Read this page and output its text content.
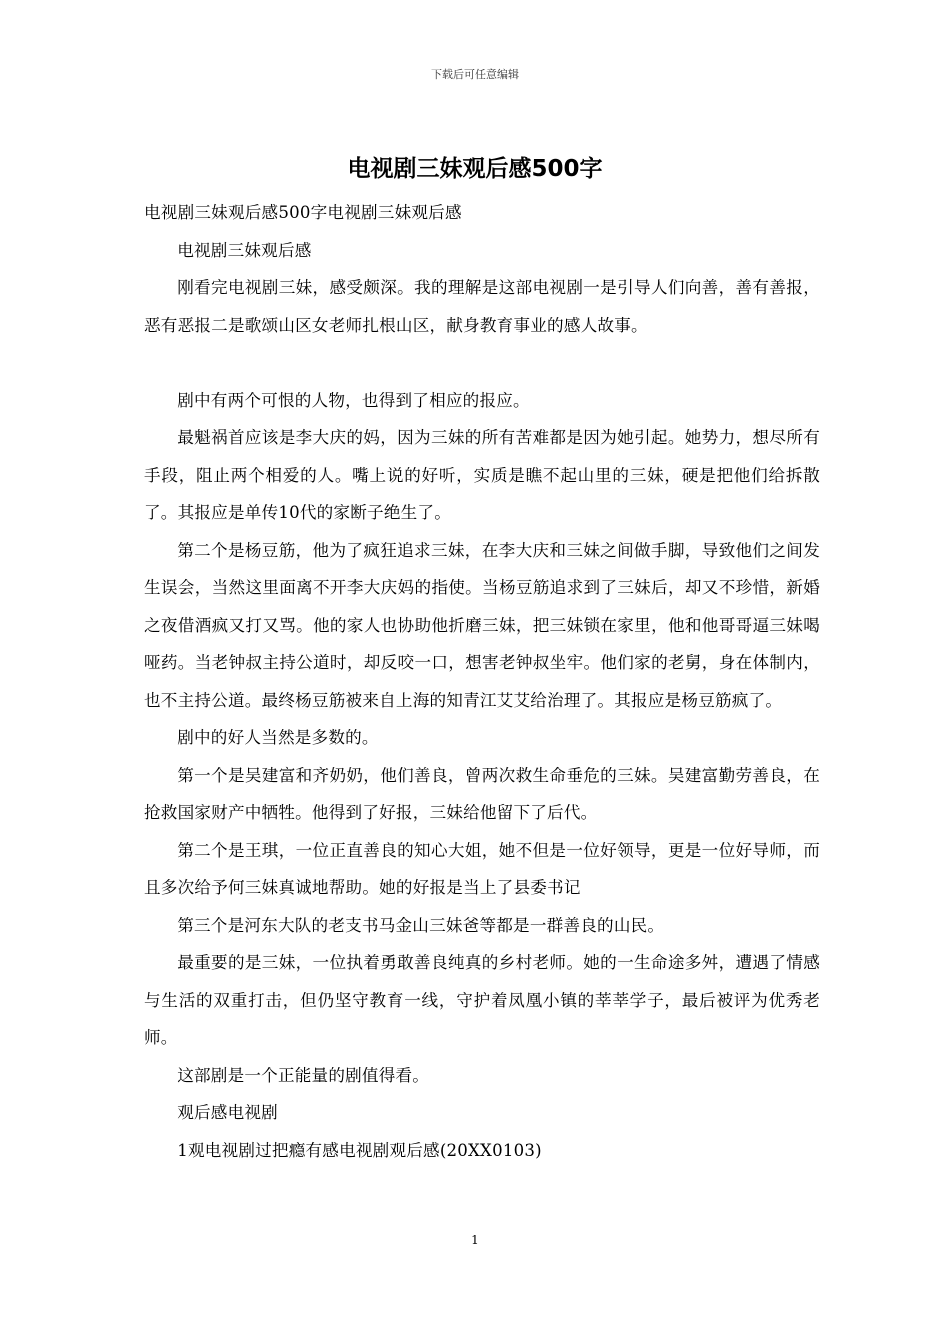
下载后可任意编辑
电视剧三妹观后感500字

电视剧三妹观后感500字电视剧三妹观后感

电视剧三妹观后感

刚看完电视剧三妹，感受颇深。我的理解是这部电视剧一是引导人们向善，善有善报，恶有恶报二是歌颂山区女老师扎根山区，献身教育事业的感人故事。

剧中有两个可恨的人物，也得到了相应的报应。

最魁祸首应该是李大庆的妈，因为三妹的所有苦难都是因为她引起。她势力，想尽所有手段，阻止两个相爱的人。嘴上说的好听，实质是瞧不起山里的三妹，硬是把他们给拆散了。其报应是单传10代的家断子绝生了。

第二个是杨豆筋，他为了疯狂追求三妹，在李大庆和三妹之间做手脚，导致他们之间发生误会，当然这里面离不开李大庆妈的指使。当杨豆筋追求到了三妹后，却又不珍惜，新婚之夜借酒疯又打又骂。他的家人也协助他折磨三妹，把三妹锁在家里，他和他哥哥逼三妹喝哑药。当老钟叔主持公道时，却反咬一口，想害老钟叔坐牢。他们家的老舅，身在体制内，也不主持公道。最终杨豆筋被来自上海的知青江艾艾给治理了。其报应是杨豆筋疯了。

剧中的好人当然是多数的。

第一个是吴建富和齐奶奶，他们善良，曾两次救生命垂危的三妹。吴建富勤劳善良，在抢救国家财产中牺牲。他得到了好报，三妹给他留下了后代。

第二个是王琪，一位正直善良的知心大姐，她不但是一位好领导，更是一位好导师，而且多次给予何三妹真诚地帮助。她的好报是当上了县委书记

第三个是河东大队的老支书马金山三妹爸等都是一群善良的山民。

最重要的是三妹，一位执着勇敢善良纯真的乡村老师。她的一生命途多舛，遭遇了情感与生活的双重打击，但仍坚守教育一线，守护着凤凰小镇的莘莘学子，最后被评为优秀老师。

这部剧是一个正能量的剧值得看。

观后感电视剧

1观电视剧过把瘾有感电视剧观后感(20XX0103)

1
